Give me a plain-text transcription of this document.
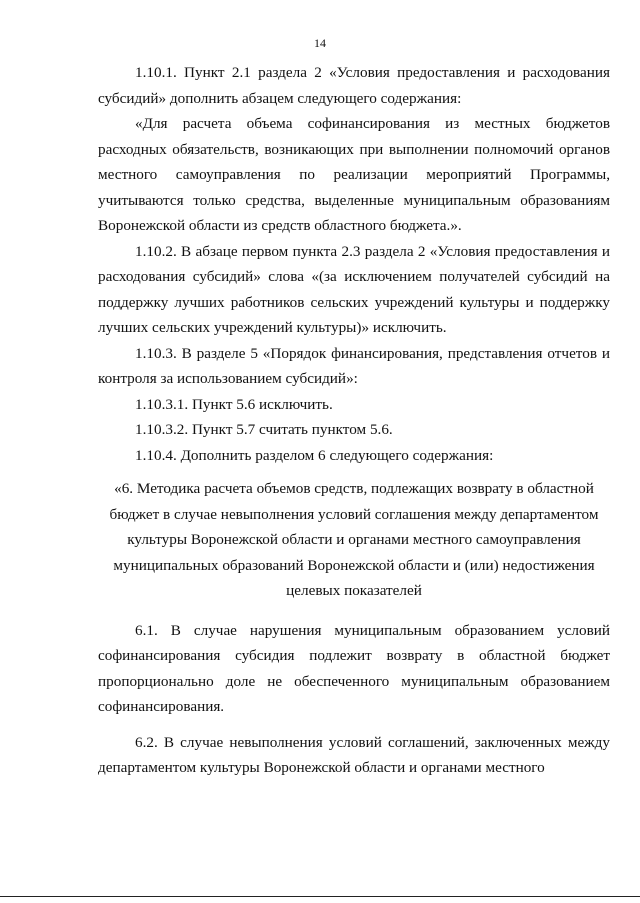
14

1.10.1. Пункт 2.1 раздела 2 «Условия предоставления и расходования субсидий» дополнить абзацем следующего содержания:

«Для расчета объема софинансирования из местных бюджетов расходных обязательств, возникающих при выполнении полномочий органов местного самоуправления по реализации мероприятий Программы, учитываются только средства, выделенные муниципальным образованиям Воронежской области из средств областного бюджета.».

1.10.2. В абзаце первом пункта 2.3 раздела 2 «Условия предоставления и расходования субсидий» слова «(за исключением получателей субсидий на поддержку лучших работников сельских учреждений культуры и поддержку лучших сельских учреждений культуры)» исключить.

1.10.3. В разделе 5 «Порядок финансирования, представления отчетов и контроля за использованием субсидий»:

1.10.3.1. Пункт 5.6 исключить.

1.10.3.2. Пункт 5.7 считать пунктом 5.6.

1.10.4. Дополнить разделом 6 следующего содержания:

«6. Методика расчета объемов средств, подлежащих возврату в областной

бюджет в случае невыполнения условий соглашения между департаментом

культуры Воронежской области и органами местного самоуправления

муниципальных образований Воронежской области и (или) недостижения

целевых показателей

6.1. В случае нарушения муниципальным образованием условий софинансирования субсидия подлежит возврату в областной бюджет пропорционально доле не обеспеченного муниципальным образованием софинансирования.

6.2. В случае невыполнения условий соглашений, заключенных между департаментом культуры Воронежской области и органами местного
